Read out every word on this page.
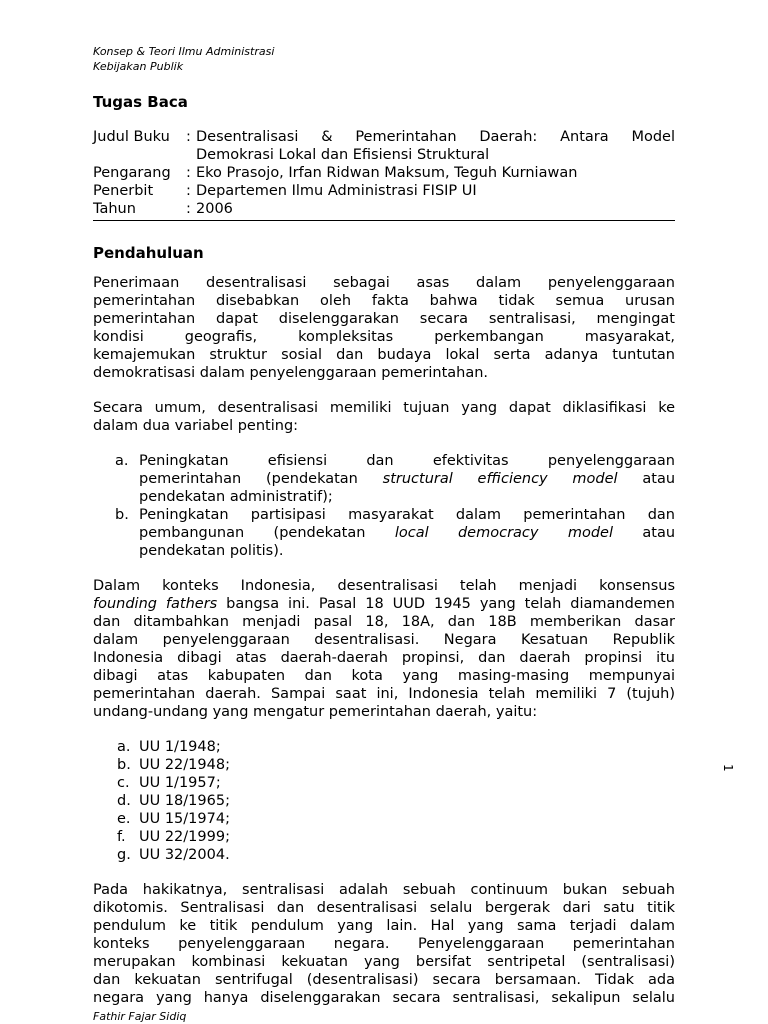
Konsep & Teori Ilmu Administrasi
Kebijakan Publik
Tugas Baca
Judul Buku	: Desentralisasi & Pemerintahan Daerah: Antara Model
Demokrasi Lokal dan Efisiensi Struktural
Pengarang	: Eko Prasojo, Irfan Ridwan Maksum, Teguh Kurniawan
Penerbit	: Departemen Ilmu Administrasi FISIP UI
Tahun	: 2006
Pendahuluan
Penerimaan desentralisasi sebagai asas dalam penyelenggaraan
pemerintahan disebabkan oleh fakta bahwa tidak semua urusan
pemerintahan dapat diselenggarakan secara sentralisasi, mengingat
kondisi geografis, kompleksitas perkembangan masyarakat,
kemajemukan struktur sosial dan budaya lokal serta adanya tuntutan
demokratisasi dalam penyelenggaraan pemerintahan.
Secara umum, desentralisasi memiliki tujuan yang dapat diklasifikasi ke
dalam dua variabel penting:
a. Peningkatan efisiensi dan efektivitas penyelenggaraan
pemerintahan (pendekatan structural efficiency model atau
pendekatan administratif);
b. Peningkatan partisipasi masyarakat dalam pemerintahan dan
pembangunan (pendekatan local democracy model atau
pendekatan politis).
Dalam konteks Indonesia, desentralisasi telah menjadi konsensus
founding fathers bangsa ini. Pasal 18 UUD 1945 yang telah diamandemen
dan ditambahkan menjadi pasal 18, 18A, dan 18B memberikan dasar
dalam penyelenggaraan desentralisasi. Negara Kesatuan Republik
Indonesia dibagi atas daerah-daerah propinsi, dan daerah propinsi itu
dibagi atas kabupaten dan kota yang masing-masing mempunyai
pemerintahan daerah. Sampai saat ini, Indonesia telah memiliki 7 (tujuh)
undang-undang yang mengatur pemerintahan daerah, yaitu:
a. UU 1/1948;
b. UU 22/1948;
c. UU 1/1957;
d. UU 18/1965;
e. UU 15/1974;
f. UU 22/1999;
g. UU 32/2004.
Pada hakikatnya, sentralisasi adalah sebuah continuum bukan sebuah
dikotomis. Sentralisasi dan desentralisasi selalu bergerak dari satu titik
pendulum ke titik pendulum yang lain. Hal yang sama terjadi dalam
konteks penyelenggaraan negara. Penyelenggaraan pemerintahan
merupakan kombinasi kekuatan yang bersifat sentripetal (sentralisasi)
dan kekuatan sentrifugal (desentralisasi) secara bersamaan. Tidak ada
negara yang hanya diselenggarakan secara sentralisasi, sekalipun selalu
1
Fathir Fajar Sidiq
